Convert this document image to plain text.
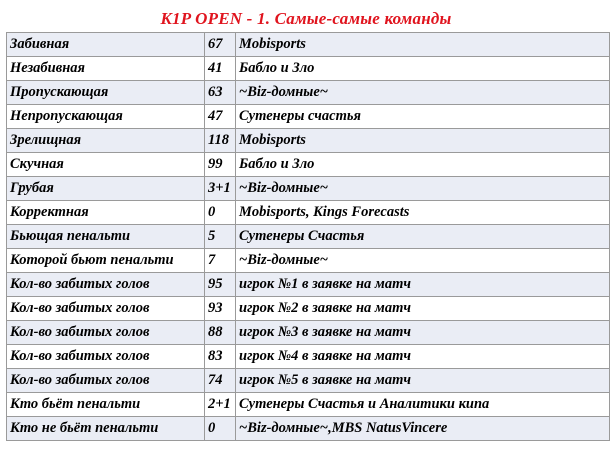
K1P OPEN - 1. Самые-самые команды
Забивная	67	Mobisports
Незабивная	41	Бабло и Зло
Пропускающая	63	~Biz-домные~
Непропускающая	47	Сутенеры счастья
Зрелищная	118	Mobisports
Скучная	99	Бабло и Зло
Грубая	3+1	~Biz-домные~
Корректная	0	Mobisports, Kings Forecasts
Бьющая пенальти	5	Сутенеры Счастья
Которой бьют пенальти	7	~Biz-домные~
Кол-во забитых голов	95	игрок №1 в заявке на матч
Кол-во забитых голов	93	игрок №2 в заявке на матч
Кол-во забитых голов	88	игрок №3 в заявке на матч
Кол-во забитых голов	83	игрок №4 в заявке на матч
Кол-во забитых голов	74	игрок №5 в заявке на матч
Кто бьёт пенальти	2+1	Сутенеры Счастья и Аналитики кипа
Кто не бьёт пенальти	0	~Biz-домные~,MBS NatusVincere
